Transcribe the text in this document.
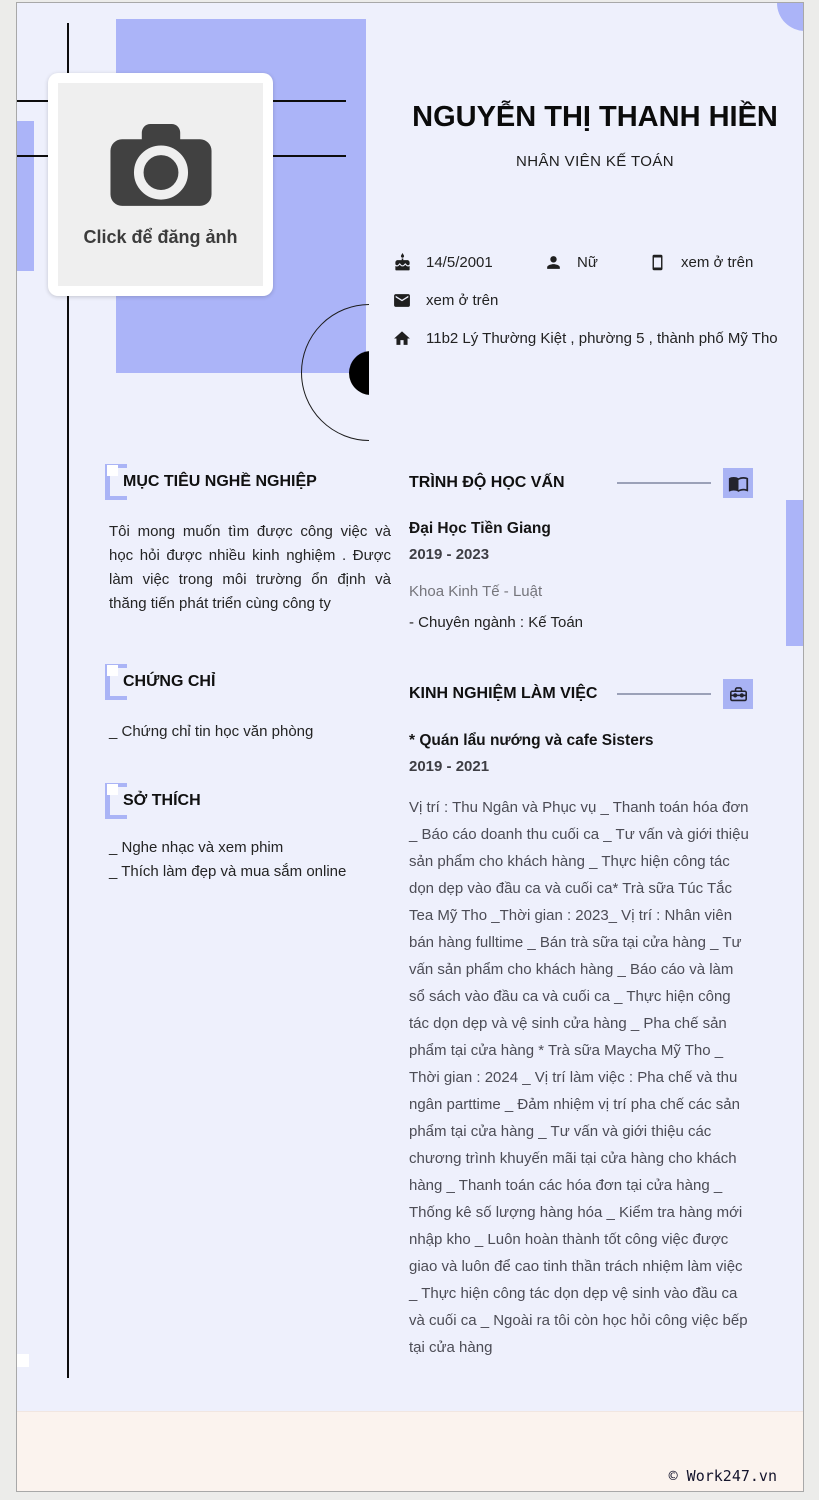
Click để đăng ảnh
NGUYỄN THỊ THANH HIỀN
NHÂN VIÊN KẾ TOÁN
14/5/2001	Nữ	xem ở trên
xem ở trên
11b2 Lý Thường Kiệt , phường 5 , thành phố Mỹ Tho
MỤC TIÊU NGHỀ NGHIỆP

Tôi mong muốn tìm được công việc và học hỏi được nhiều kinh nghiệm . Được làm việc trong môi trường ổn định và thăng tiến phát triển cùng công ty

CHỨNG CHỈ
_ Chứng chỉ tin học văn phòng
SỞ THÍCH
_ Nghe nhạc và xem phim
_ Thích làm đẹp và mua sắm online
TRÌNH ĐỘ HỌC VẤN
Đại Học Tiền Giang
2019 - 2023
Khoa Kinh Tế - Luật
- Chuyên ngành : Kế Toán
KINH NGHIỆM LÀM VIỆC
* Quán lẩu nướng và cafe Sisters
2019 - 2021

Vị trí : Thu Ngân và Phục vụ _ Thanh toán hóa đơn _ Báo cáo doanh thu cuối ca _ Tư vấn và giới thiệu sản phẩm cho khách hàng _ Thực hiện công tác dọn dẹp vào đầu ca và cuối ca* Trà sữa Túc Tắc Tea Mỹ Tho _Thời gian : 2023_ Vị trí : Nhân viên bán hàng fulltime _ Bán trà sữa tại cửa hàng _ Tư vấn sản phẩm cho khách hàng _ Báo cáo và làm sổ sách vào đầu ca và cuối ca _ Thực hiện công tác dọn dẹp và vệ sinh cửa hàng _ Pha chế sản phẩm tại cửa hàng * Trà sữa Maycha Mỹ Tho _ Thời gian : 2024 _ Vị trí làm việc : Pha chế và thu ngân parttime _ Đảm nhiệm vị trí pha chế các sản phẩm tại cửa hàng _ Tư vấn và giới thiệu các chương trình khuyến mãi tại cửa hàng cho khách hàng _ Thanh toán các hóa đơn tại cửa hàng _ Thống kê số lượng hàng hóa _ Kiểm tra hàng mới nhập kho _ Luôn hoàn thành tốt công việc được giao và luôn để cao tinh thần trách nhiệm làm việc _ Thực hiện công tác dọn dẹp vệ sinh vào đầu ca và cuối ca _ Ngoài ra tôi còn học hỏi công việc bếp tại cửa hàng

© Work247.vn
